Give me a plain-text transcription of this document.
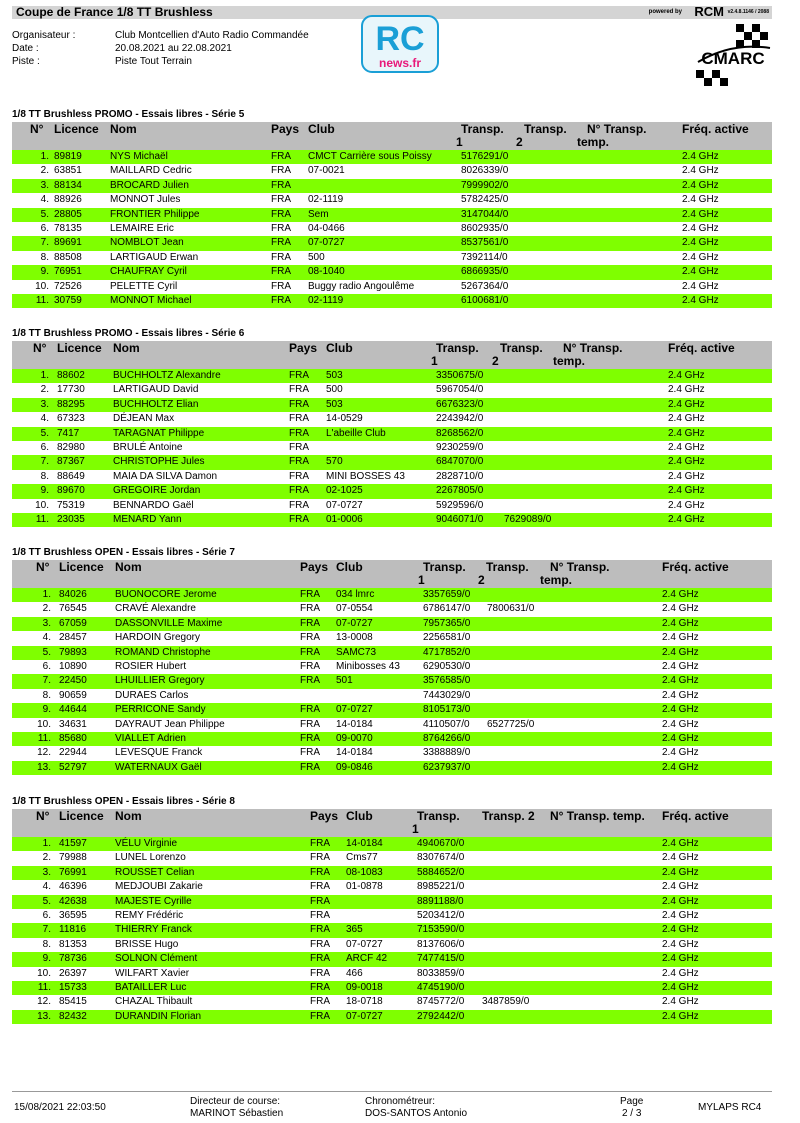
Coupe de France 1/8 TT Brushless	powered by RCM v2.4.8.1146 / 2088
Organisateur :	Club Montcellien d'Auto Radio Commandée
Date :	20.08.2021 au 22.08.2021
Piste :	Piste Tout Terrain
RC
news.fr	CMARC
1/8 TT Brushless PROMO - Essais libres - Série 5
N° Licence Nom	Pays Club	Fréq. active
Transp.
1
Transp.
2
N° Transp.
temp.
1. 89819	NYS Michaël	FRA CMCT Carrière sous Poissy	5176291/0	2.4 GHz
2. 63851	MAILLARD Cedric	FRA 07-0021	8026339/0	2.4 GHz
3. 88134	BROCARD Julien	FRA	7999902/0	2.4 GHz
4. 88926	MONNOT Jules	FRA 02-1119	5782425/0	2.4 GHz
5. 28805	FRONTIER Philippe	FRA Sem	3147044/0	2.4 GHz
6. 78135	LEMAIRE Eric	FRA 04-0466	8602935/0	2.4 GHz
7. 89691	NOMBLOT Jean	FRA 07-0727	8537561/0	2.4 GHz
8. 88508	LARTIGAUD Erwan	FRA 500	7392114/0	2.4 GHz
9. 76951	CHAUFRAY Cyril	FRA 08-1040	6866935/0	2.4 GHz
10. 72526	PELETTE Cyril	FRA Buggy radio Angoulême	5267364/0	2.4 GHz
11. 30759	MONNOT Michael	FRA 02-1119	6100681/0	2.4 GHz
1/8 TT Brushless PROMO - Essais libres - Série 6
N° Licence Nom	Pays Club	Fréq. active
Transp.
1
Transp.
2
N° Transp.
temp.
1. 88602	BUCHHOLTZ Alexandre	FRA 503	3350675/0	2.4 GHz
2. 17730	LARTIGAUD David	FRA 500	5967054/0	2.4 GHz
3. 88295	BUCHHOLTZ Elian	FRA 503	6676323/0	2.4 GHz
4. 67323	DÉJEAN Max	FRA 14-0529	2243942/0	2.4 GHz
5. 7417	TARAGNAT Philippe	FRA L'abeille Club	8268562/0	2.4 GHz
6. 82980	BRULÉ Antoine	FRA	9230259/0	2.4 GHz
7. 87367	CHRISTOPHE Jules	FRA 570	6847070/0	2.4 GHz
8. 88649	MAIA DA SILVA Damon	FRA MINI BOSSES 43	2828710/0	2.4 GHz
9. 89670	GREGOIRE Jordan	FRA 02-1025	2267805/0	2.4 GHz
10. 75319	BENNARDO Gaël	FRA 07-0727	5929596/0	2.4 GHz
11. 23035	MENARD Yann	FRA 01-0006	9046071/0 7629089/0	2.4 GHz
1/8 TT Brushless OPEN - Essais libres - Série 7
N° Licence Nom	Pays Club	Fréq. active
Transp.
1
Transp.
2
N° Transp.
temp.
1. 84026	BUONOCORE Jerome	FRA 034 lmrc	3357659/0	2.4 GHz
2. 76545	CRAVÉ Alexandre	FRA 07-0554	6786147/0 7800631/0	2.4 GHz
3. 67059	DASSONVILLE Maxime	FRA 07-0727	7957365/0	2.4 GHz
4. 28457	HARDOIN Gregory	FRA 13-0008	2256581/0	2.4 GHz
5. 79893	ROMAND Christophe	FRA SAMC73	4717852/0	2.4 GHz
6. 10890	ROSIER Hubert	FRA Minibosses 43 6290530/0	2.4 GHz
7. 22450	LHUILLIER Gregory	FRA 501	3576585/0	2.4 GHz
8. 90659	DURAES Carlos	7443029/0	2.4 GHz
9. 44644	PERRICONE Sandy	FRA 07-0727	8105173/0	2.4 GHz
10. 34631	DAYRAUT Jean Philippe	FRA 14-0184	4110507/0 6527725/0	2.4 GHz
11. 85680	VIALLET Adrien	FRA 09-0070	8764266/0	2.4 GHz
12. 22944	LEVESQUE Franck	FRA 14-0184	3388889/0	2.4 GHz
13. 52797	WATERNAUX Gaël	FRA 09-0846	6237937/0	2.4 GHz
1/8 TT Brushless OPEN - Essais libres - Série 8
N° Licence Nom	Pays Club	Fréq. active
Transp.
1
Transp. 2 N° Transp. temp.
1. 41597	VÉLU Virginie	FRA 14-0184	4940670/0	2.4 GHz
2. 79988	LUNEL Lorenzo	FRA Cms77	8307674/0	2.4 GHz
3. 76991	ROUSSET Celian	FRA 08-1083	5884652/0	2.4 GHz
4. 46396	MEDJOUBI Zakarie	FRA 01-0878	8985221/0	2.4 GHz
5. 42638	MAJESTE Cyrille	FRA	8891188/0	2.4 GHz
6. 36595	REMY Frédéric	FRA	5203412/0	2.4 GHz
7. 11816	THIERRY Franck	FRA 365	7153590/0	2.4 GHz
8. 81353	BRISSE Hugo	FRA 07-0727	8137606/0	2.4 GHz
9. 78736	SOLNON Clément	FRA ARCF 42	7477415/0	2.4 GHz
10. 26397	WILFART Xavier	FRA 466	8033859/0	2.4 GHz
11. 15733	BATAILLER Luc	FRA 09-0018	4745190/0	2.4 GHz
12. 85415	CHAZAL Thibault	FRA 18-0718	8745772/0 3487859/0	2.4 GHz
13. 82432	DURANDIN Florian	FRA 07-0727	2792442/0	2.4 GHz
15/08/2021 22:03:50
Directeur de course:
MARINOT Sébastien
Chronométreur:
DOS-SANTOS Antonio
Page
2 / 3
MYLAPS RC4
